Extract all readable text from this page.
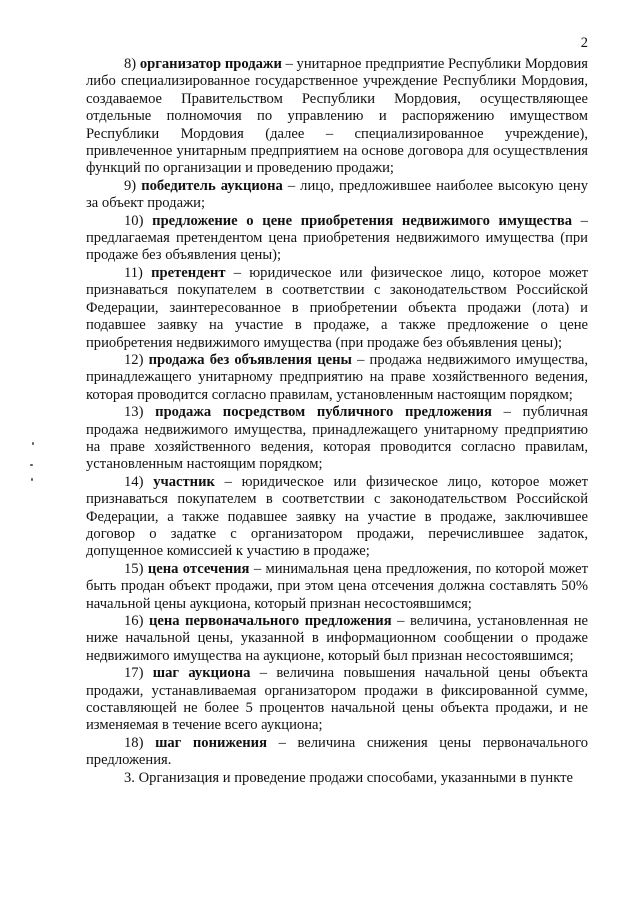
2

8) организатор продажи – унитарное предприятие Республики Мордовия либо специализированное государственное учреждение Республики Мордовия, создаваемое Правительством Республики Мордовия, осуществляющее отдельные полномочия по управлению и распоряжению имуществом Республики Мордовия (далее – специализированное учреждение), привлеченное унитарным предприятием на основе договора для осуществления функций по организации и проведению продажи;

9) победитель аукциона – лицо, предложившее наиболее высокую цену за объект продажи;

10) предложение о цене приобретения недвижимого имущества – предлагаемая претендентом цена приобретения недвижимого имущества (при продаже без объявления цены);

11) претендент – юридическое или физическое лицо, которое может признаваться покупателем в соответствии с законодательством Российской Федерации, заинтересованное в приобретении объекта продажи (лота) и подавшее заявку на участие в продаже, а также предложение о цене приобретения недвижимого имущества (при продаже без объявления цены);

12) продажа без объявления цены – продажа недвижимого имущества, принадлежащего унитарному предприятию на праве хозяйственного ведения, которая проводится согласно правилам, установленным настоящим порядком;

13) продажа посредством публичного предложения – публичная продажа недвижимого имущества, принадлежащего унитарному предприятию на праве хозяйственного ведения, которая проводится согласно правилам, установленным настоящим порядком;

14) участник – юридическое или физическое лицо, которое может признаваться покупателем в соответствии с законодательством Российской Федерации, а также подавшее заявку на участие в продаже, заключившее договор о задатке с организатором продажи, перечислившее задаток, допущенное комиссией к участию в продаже;

15) цена отсечения – минимальная цена предложения, по которой может быть продан объект продажи, при этом цена отсечения должна составлять 50% начальной цены аукциона, который признан несостоявшимся;

16) цена первоначального предложения – величина, установленная не ниже начальной цены, указанной в информационном сообщении о продаже недвижимого имущества на аукционе, который был признан несостоявшимся;

17) шаг аукциона – величина повышения начальной цены объекта продажи, устанавливаемая организатором продажи в фиксированной сумме, составляющей не более 5 процентов начальной цены объекта продажи, и не изменяемая в течение всего аукциона;

18) шаг понижения – величина снижения цены первоначального предложения.

3. Организация и проведение продажи способами, указанными в пункте
